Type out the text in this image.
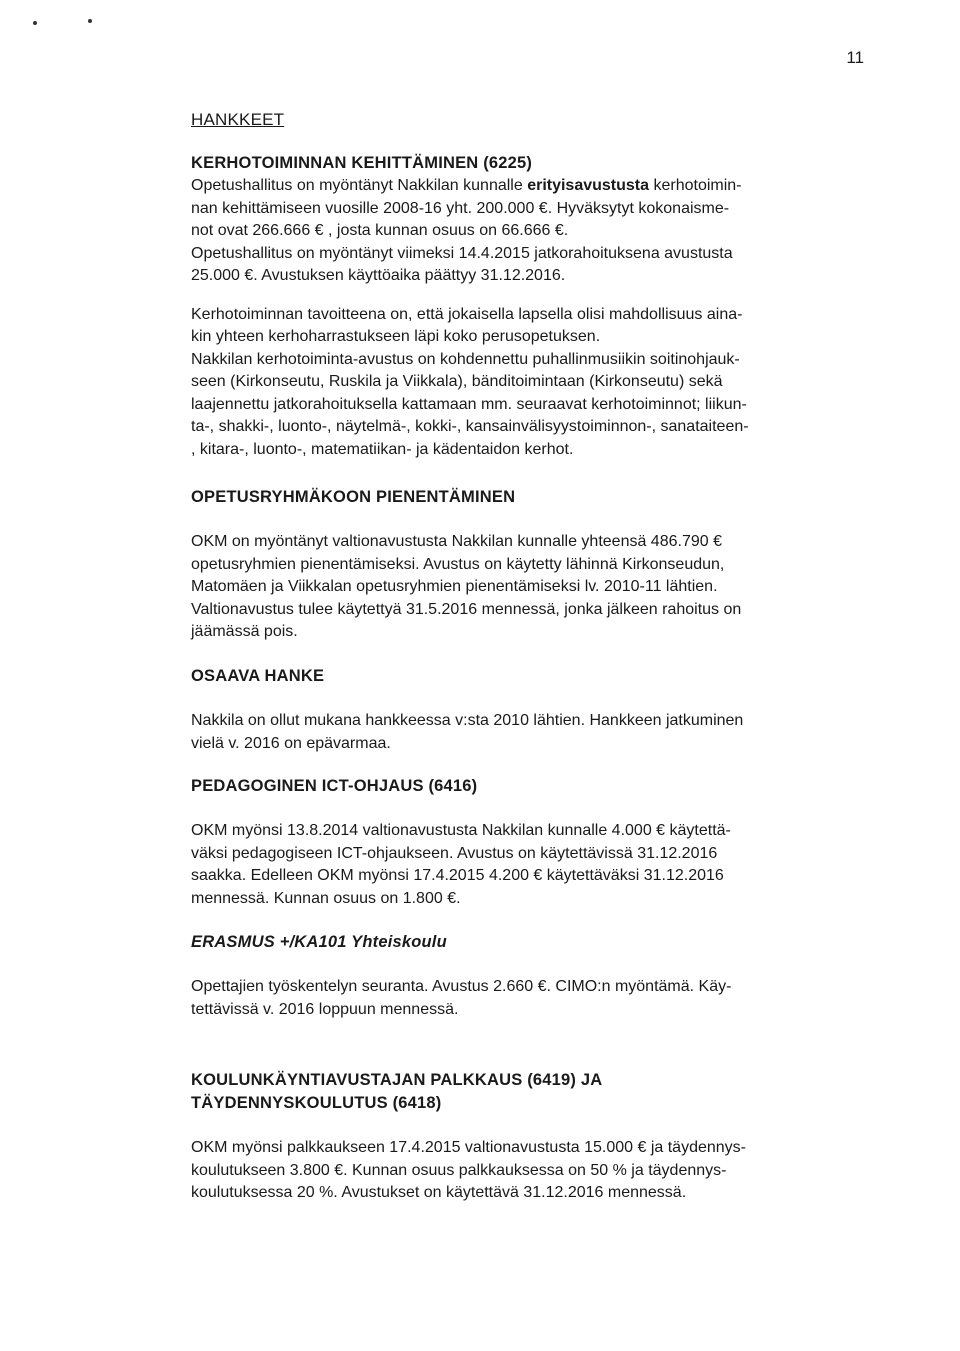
11

HANKKEET

KERHOTOIMINNAN KEHITTÄMINEN (6225)

Opetushallitus on myöntänyt Nakkilan kunnalle erityisavustusta kerhotoimin-
nan kehittämiseen vuosille 2008-16 yht. 200.000 €. Hyväksytyt kokonaisme-
not ovat 266.666 € , josta kunnan osuus on 66.666 €.
Opetushallitus on myöntänyt viimeksi 14.4.2015 jatkorahoituksena avustusta
25.000 €. Avustuksen käyttöaika päättyy 31.12.2016.

Kerhotoiminnan tavoitteena on, että jokaisella lapsella olisi mahdollisuus aina-
kin yhteen kerhoharrastukseen läpi koko perusopetuksen.
Nakkilan kerhotoiminta-avustus on kohdennettu puhallinmusiikin soitinohjauk-
seen (Kirkonseutu, Ruskila ja Viikkala), bänditoimintaan (Kirkonseutu) sekä
laajennettu jatkorahoituksella kattamaan mm. seuraavat kerhotoiminnot; liikun-
ta-, shakki-, luonto-, näytelmä-, kokki-, kansainvälisyystoiminnon-, sanataiteen-
, kitara-, luonto-, matematiikan- ja kädentaidon kerhot.

OPETUSRYHMÄKOON PIENENTÄMINEN

OKM on myöntänyt valtionavustusta Nakkilan kunnalle yhteensä 486.790 €
opetusryhmien pienentämiseksi. Avustus on käytetty lähinnä Kirkonseudun,
Matomäen ja Viikkalan opetusryhmien pienentämiseksi lv. 2010-11 lähtien.
Valtionavustus tulee käytettyä 31.5.2016 mennessä, jonka jälkeen rahoitus on
jäämässä pois.

OSAAVA HANKE

Nakkila on ollut mukana hankkeessa v:sta 2010 lähtien. Hankkeen jatkuminen
vielä v. 2016 on epävarmaa.

PEDAGOGINEN ICT-OHJAUS (6416)

OKM myönsi 13.8.2014 valtionavustusta Nakkilan kunnalle 4.000 € käytettä-
väksi pedagogiseen ICT-ohjaukseen. Avustus on käytettävissä 31.12.2016
saakka. Edelleen OKM myönsi 17.4.2015 4.200 € käytettäväksi 31.12.2016
mennessä. Kunnan osuus on 1.800 €.

ERASMUS +/KA101 Yhteiskoulu

Opettajien työskentelyn seuranta. Avustus 2.660 €. CIMO:n myöntämä. Käy-
tettävissä v. 2016 loppuun mennessä.

KOULUNKÄYNTIAVUSTAJAN PALKKAUS (6419) JA
TÄYDENNYSKOULUTUS (6418)

OKM myönsi palkkaukseen 17.4.2015 valtionavustusta 15.000 € ja täydennys-
koulutukseen 3.800 €. Kunnan osuus palkkauksessa on 50 % ja täydennys-
koulutuksessa 20 %. Avustukset on käytettävä 31.12.2016 mennessä.
